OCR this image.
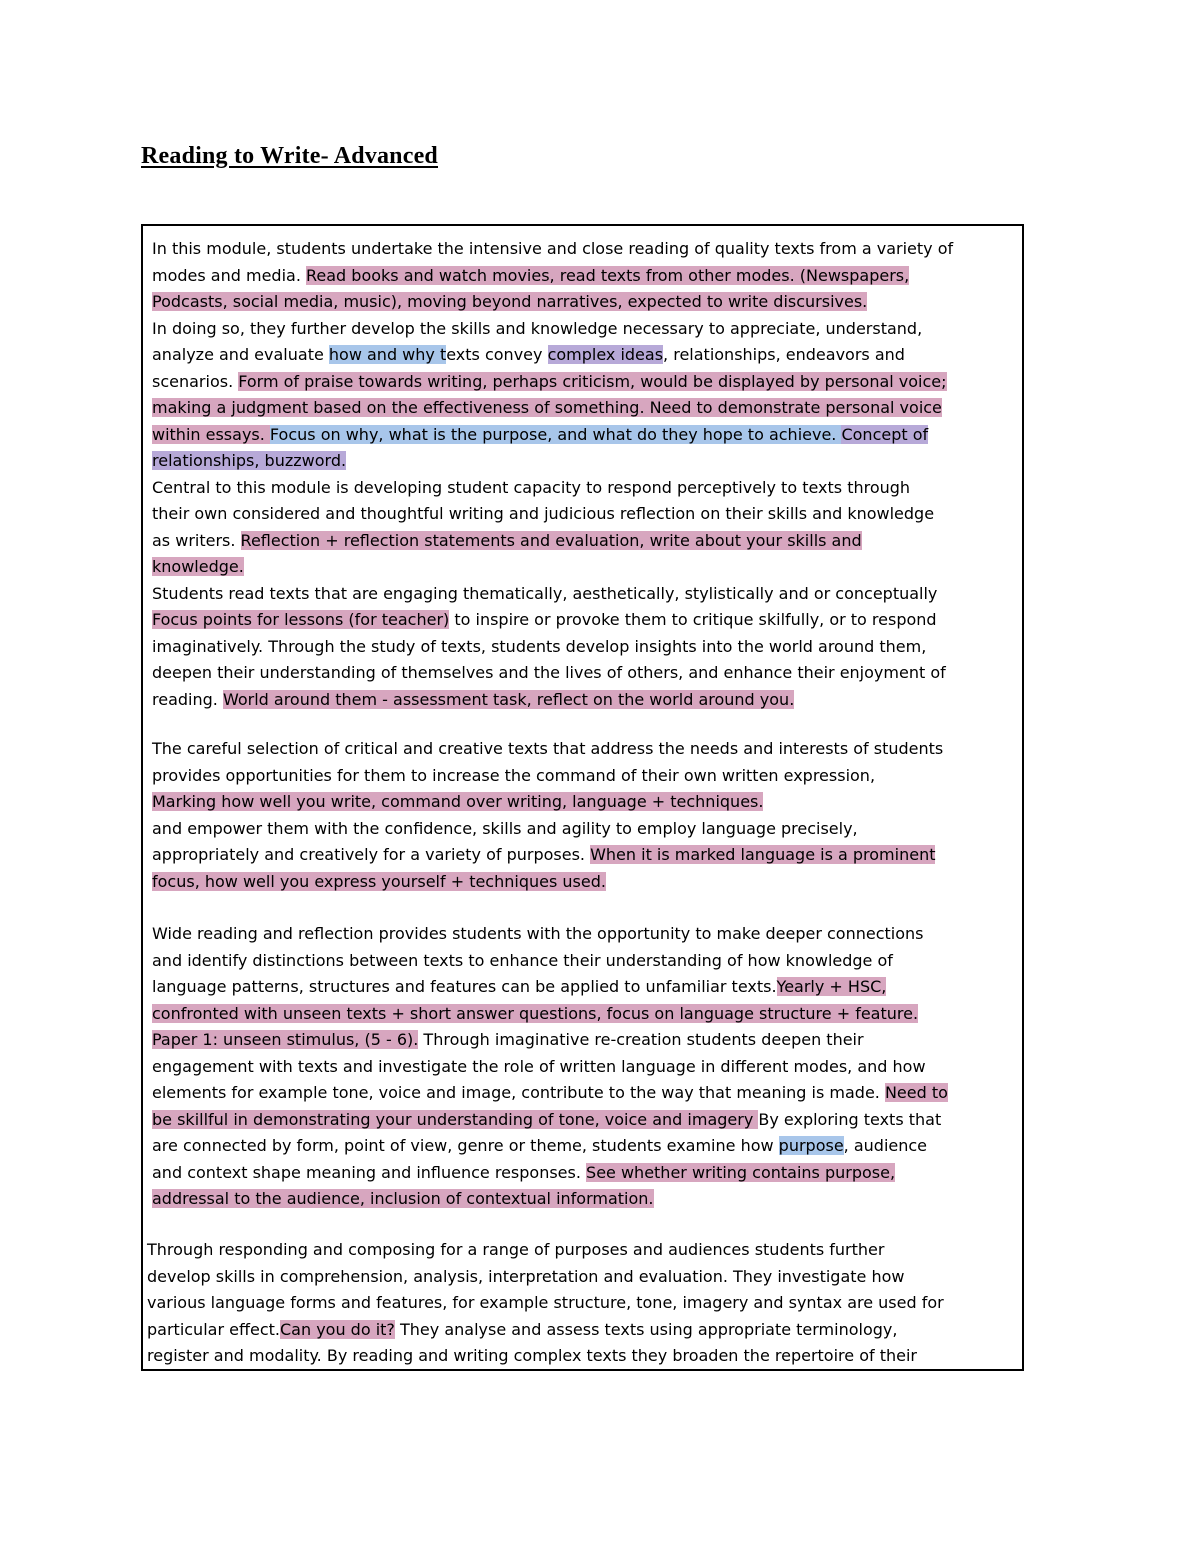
Reading to Write- Advanced
In this module, students undertake the intensive and close reading of quality texts from a variety of
modes and media. Read books and watch movies, read texts from other modes. (Newspapers,
Podcasts, social media, music), moving beyond narratives, expected to write discursives.
In doing so, they further develop the skills and knowledge necessary to appreciate, understand,
analyze and evaluate how and why texts convey complex ideas, relationships, endeavors and
scenarios. Form of praise towards writing, perhaps criticism, would be displayed by personal voice;
making a judgment based on the effectiveness of something. Need to demonstrate personal voice
within essays. Focus on why, what is the purpose, and what do they hope to achieve. Concept of
relationships, buzzword.
Central to this module is developing student capacity to respond perceptively to texts through
their own considered and thoughtful writing and judicious reflection on their skills and knowledge
as writers. Reflection + reflection statements and evaluation, write about your skills and
knowledge.
Students read texts that are engaging thematically, aesthetically, stylistically and or conceptually
Focus points for lessons (for teacher) to inspire or provoke them to critique skilfully, or to respond
imaginatively. Through the study of texts, students develop insights into the world around them,
deepen their understanding of themselves and the lives of others, and enhance their enjoyment of
reading. World around them - assessment task, reflect on the world around you.
The careful selection of critical and creative texts that address the needs and interests of students
provides opportunities for them to increase the command of their own written expression,
Marking how well you write, command over writing, language + techniques.
and empower them with the confidence, skills and agility to employ language precisely,
appropriately and creatively for a variety of purposes. When it is marked language is a prominent
focus, how well you express yourself + techniques used.
Wide reading and reflection provides students with the opportunity to make deeper connections
and identify distinctions between texts to enhance their understanding of how knowledge of
language patterns, structures and features can be applied to unfamiliar texts.Yearly + HSC,
confronted with unseen texts + short answer questions, focus on language structure + feature.
Paper 1: unseen stimulus, (5 - 6). Through imaginative re-creation students deepen their
engagement with texts and investigate the role of written language in different modes, and how
elements for example tone, voice and image, contribute to the way that meaning is made. Need to
be skillful in demonstrating your understanding of tone, voice and imagery By exploring texts that
are connected by form, point of view, genre or theme, students examine how purpose, audience
and context shape meaning and influence responses. See whether writing contains purpose,
addressal to the audience, inclusion of contextual information.
Through responding and composing for a range of purposes and audiences students further
develop skills in comprehension, analysis, interpretation and evaluation. They investigate how
various language forms and features, for example structure, tone, imagery and syntax are used for
particular effect.Can you do it? They analyse and assess texts using appropriate terminology,
register and modality. By reading and writing complex texts they broaden the repertoire of their
